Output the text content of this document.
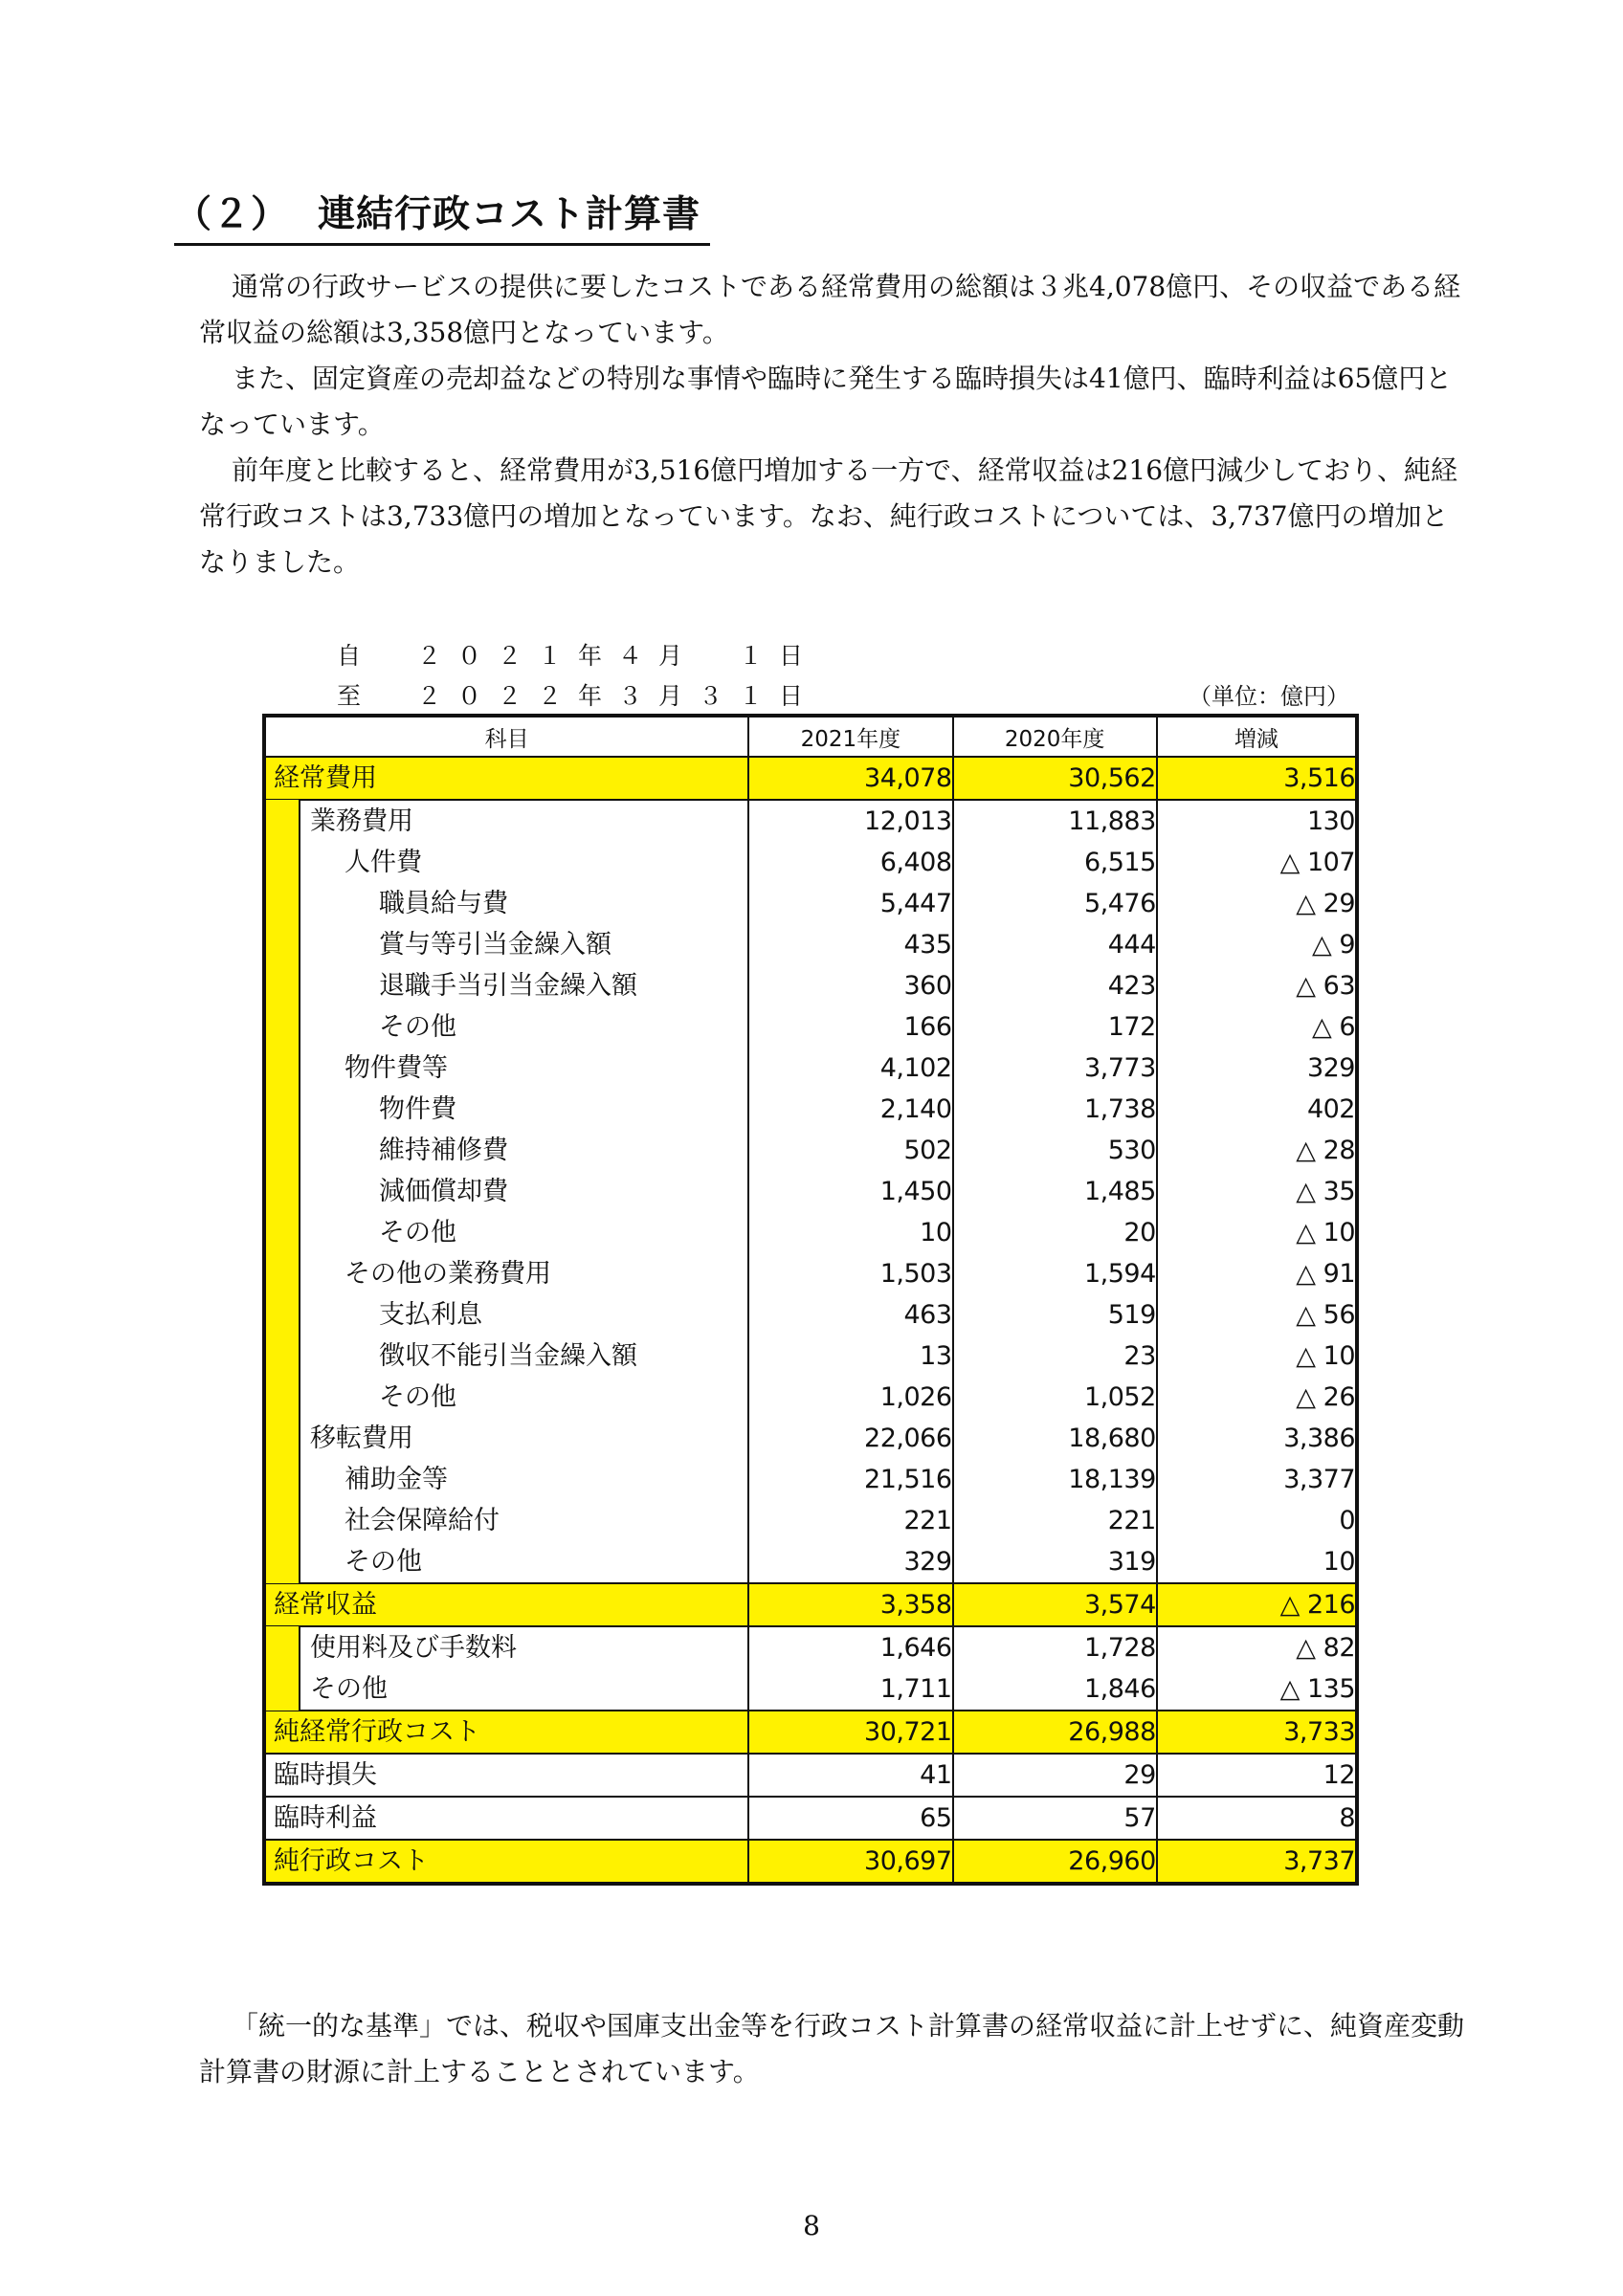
（２） 連結行政コスト計算書

通常の行政サービスの提供に要したコストである経常費用の総額は３兆4,078億円、その収益である経常収益の総額は3,358億円となっています。

また、固定資産の売却益などの特別な事情や臨時に発生する臨時損失は41億円、臨時利益は65億円となっています。

前年度と比較すると、経常費用が3,516億円増加する一方で、経常収益は216億円減少しており、純経常行政コストは3,733億円の増加となっています。なお、純行政コストについては、3,737億円の増加となりました。

自　２０２１年４月　１日
至　２０２２年３月３１日	（単位：億円）
科目	2021年度	2020年度	増減
経常費用	34,078	30,562	3,516

業務費用	12,013	11,883	130

人件費	6,408	6,515	△ 107

職員給与費	5,447	5,476	△ 29

賞与等引当金繰入額	435	444	△ 9

退職手当引当金繰入額	360	423	△ 63

その他	166	172	△ 6

物件費等	4,102	3,773	329

物件費	2,140	1,738	402

維持補修費	502	530	△ 28

減価償却費	1,450	1,485	△ 35

その他	10	20	△ 10

その他の業務費用	1,503	1,594	△ 91

支払利息	463	519	△ 56

徴収不能引当金繰入額	13	23	△ 10

その他	1,026	1,052	△ 26

移転費用	22,066	18,680	3,386

補助金等	21,516	18,139	3,377

社会保障給付	221	221	0

その他	329	319	10
経常収益	3,358	3,574	△ 216

使用料及び手数料	1,646	1,728	△ 82

その他	1,711	1,846	△ 135
純経常行政コスト	30,721	26,988	3,733
臨時損失	41	29	12
臨時利益	65	57	8
純行政コスト	30,697	26,960	3,737

「統一的な基準」では、税収や国庫支出金等を行政コスト計算書の経常収益に計上せずに、純資産変動計算書の財源に計上することとされています。

8
